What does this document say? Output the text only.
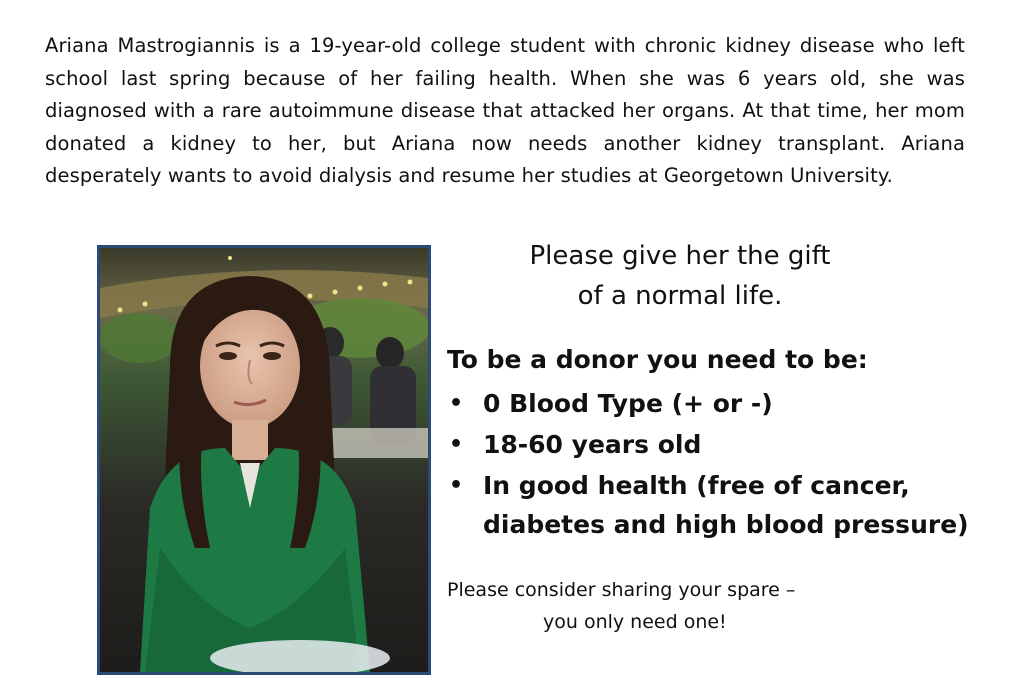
Ariana Mastrogiannis is a 19-year-old college student with chronic kidney disease who left school last spring because of her failing health. When she was 6 years old, she was diagnosed with a rare autoimmune disease that attacked her organs. At that time, her mom donated a kidney to her, but Ariana now needs another kidney transplant. Ariana desperately wants to avoid dialysis and resume her studies at Georgetown University.
Please give her the gift
of a normal life.
To be a donor you need to be:
• 0 Blood Type (+ or -)
• 18-60 years old
• In good health (free of cancer, diabetes and high blood pressure)
Please consider sharing your spare –
you only need one!
